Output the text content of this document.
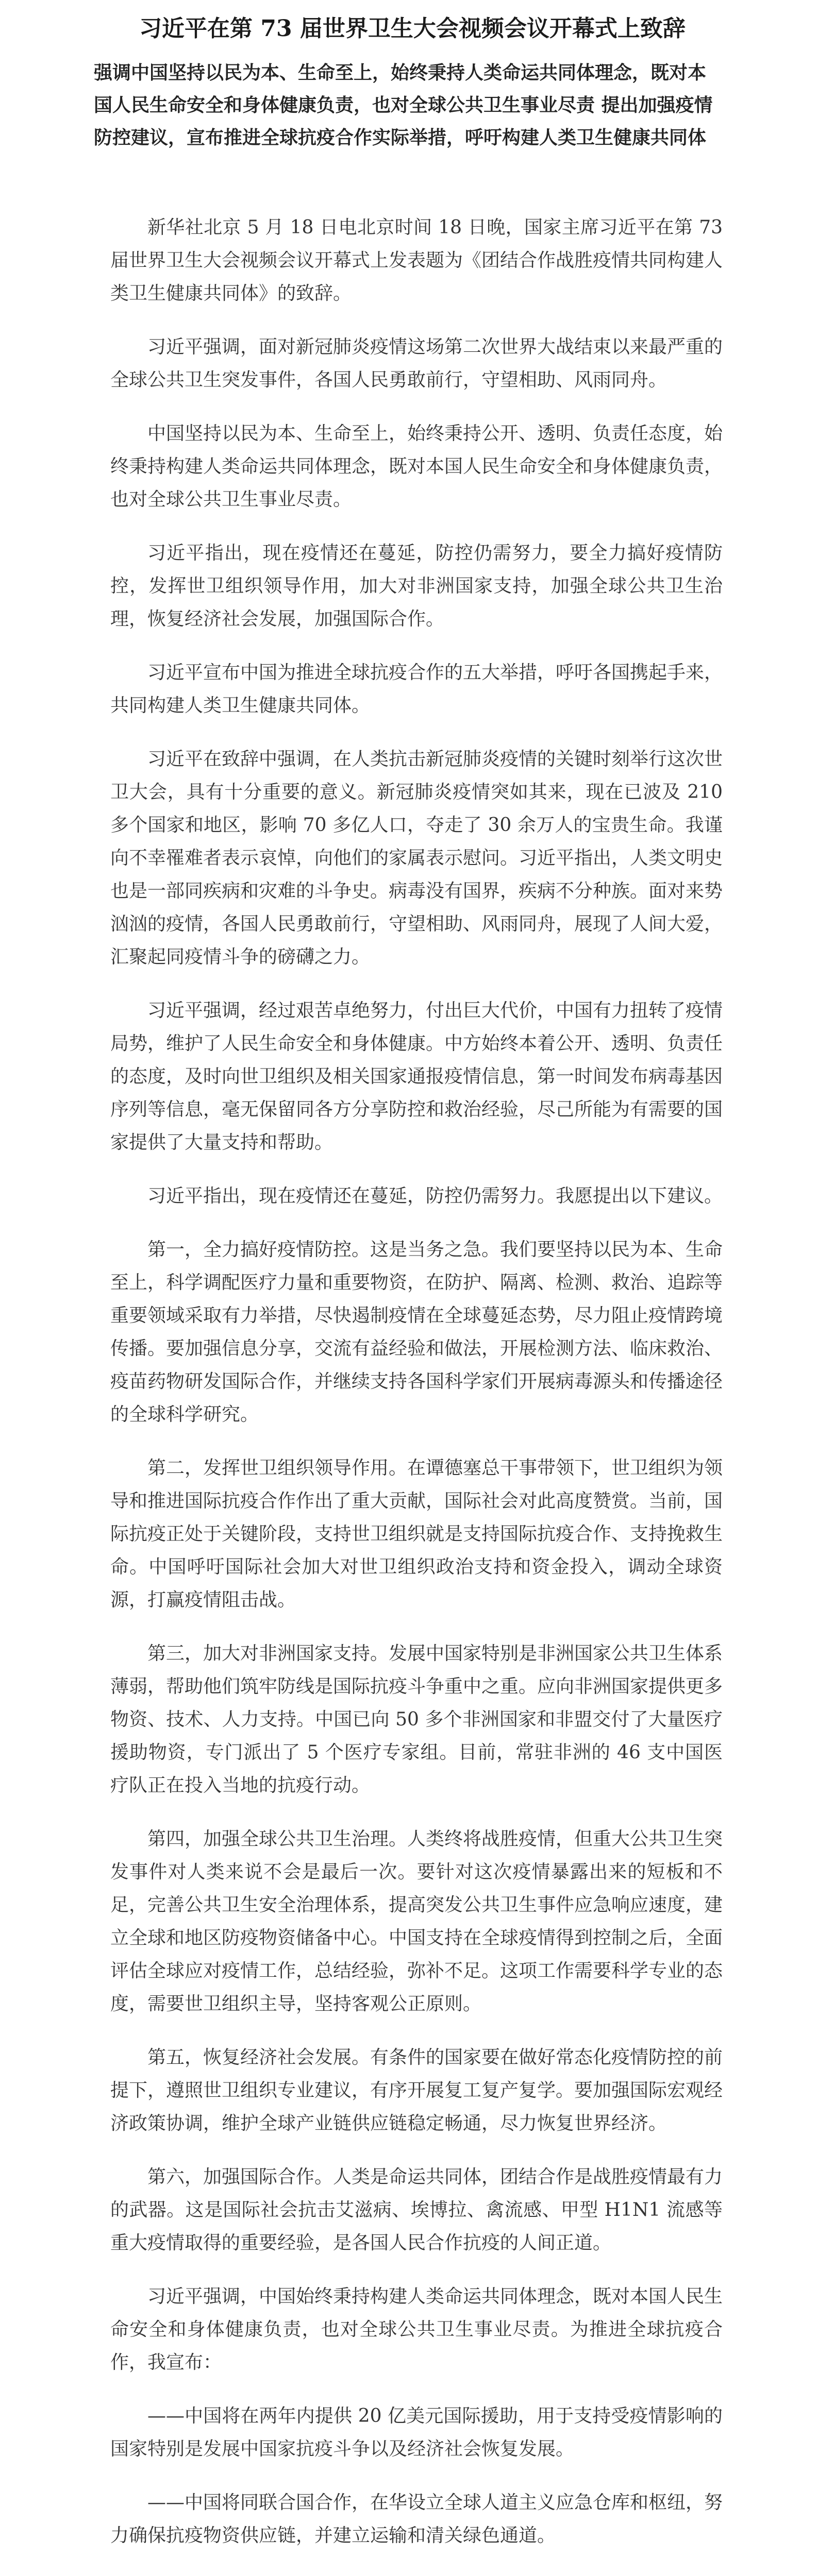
习近平在第 73 届世界卫生大会视频会议开幕式上致辞

强调中国坚持以民为本、生命至上，始终秉持人类命运共同体理念，既对本国人民生命安全和身体健康负责，也对全球公共卫生事业尽责 提出加强疫情防控建议，宣布推进全球抗疫合作实际举措，呼吁构建人类卫生健康共同体

新华社北京 5 月 18 日电北京时间 18 日晚，国家主席习近平在第 73 届世界卫生大会视频会议开幕式上发表题为《团结合作战胜疫情共同构建人类卫生健康共同体》的致辞。

习近平强调，面对新冠肺炎疫情这场第二次世界大战结束以来最严重的全球公共卫生突发事件，各国人民勇敢前行，守望相助、风雨同舟。

中国坚持以民为本、生命至上，始终秉持公开、透明、负责任态度，始终秉持构建人类命运共同体理念，既对本国人民生命安全和身体健康负责，也对全球公共卫生事业尽责。

习近平指出，现在疫情还在蔓延，防控仍需努力，要全力搞好疫情防控，发挥世卫组织领导作用，加大对非洲国家支持，加强全球公共卫生治理，恢复经济社会发展，加强国际合作。

习近平宣布中国为推进全球抗疫合作的五大举措，呼吁各国携起手来，共同构建人类卫生健康共同体。

习近平在致辞中强调，在人类抗击新冠肺炎疫情的关键时刻举行这次世卫大会，具有十分重要的意义。新冠肺炎疫情突如其来，现在已波及 210 多个国家和地区，影响 70 多亿人口，夺走了 30 余万人的宝贵生命。我谨向不幸罹难者表示哀悼，向他们的家属表示慰问。习近平指出，人类文明史也是一部同疾病和灾难的斗争史。病毒没有国界，疾病不分种族。面对来势汹汹的疫情，各国人民勇敢前行，守望相助、风雨同舟，展现了人间大爱，汇聚起同疫情斗争的磅礴之力。

习近平强调，经过艰苦卓绝努力，付出巨大代价，中国有力扭转了疫情局势，维护了人民生命安全和身体健康。中方始终本着公开、透明、负责任的态度，及时向世卫组织及相关国家通报疫情信息，第一时间发布病毒基因序列等信息，毫无保留同各方分享防控和救治经验，尽己所能为有需要的国家提供了大量支持和帮助。

习近平指出，现在疫情还在蔓延，防控仍需努力。我愿提出以下建议。

第一，全力搞好疫情防控。这是当务之急。我们要坚持以民为本、生命至上，科学调配医疗力量和重要物资，在防护、隔离、检测、救治、追踪等重要领域采取有力举措，尽快遏制疫情在全球蔓延态势，尽力阻止疫情跨境传播。要加强信息分享，交流有益经验和做法，开展检测方法、临床救治、疫苗药物研发国际合作，并继续支持各国科学家们开展病毒源头和传播途径的全球科学研究。

第二，发挥世卫组织领导作用。在谭德塞总干事带领下，世卫组织为领导和推进国际抗疫合作作出了重大贡献，国际社会对此高度赞赏。当前，国际抗疫正处于关键阶段，支持世卫组织就是支持国际抗疫合作、支持挽救生命。中国呼吁国际社会加大对世卫组织政治支持和资金投入，调动全球资源，打赢疫情阻击战。

第三，加大对非洲国家支持。发展中国家特别是非洲国家公共卫生体系薄弱，帮助他们筑牢防线是国际抗疫斗争重中之重。应向非洲国家提供更多物资、技术、人力支持。中国已向 50 多个非洲国家和非盟交付了大量医疗援助物资，专门派出了 5 个医疗专家组。目前，常驻非洲的 46 支中国医疗队正在投入当地的抗疫行动。

第四，加强全球公共卫生治理。人类终将战胜疫情，但重大公共卫生突发事件对人类来说不会是最后一次。要针对这次疫情暴露出来的短板和不足，完善公共卫生安全治理体系，提高突发公共卫生事件应急响应速度，建立全球和地区防疫物资储备中心。中国支持在全球疫情得到控制之后，全面评估全球应对疫情工作，总结经验，弥补不足。这项工作需要科学专业的态度，需要世卫组织主导，坚持客观公正原则。

第五，恢复经济社会发展。有条件的国家要在做好常态化疫情防控的前提下，遵照世卫组织专业建议，有序开展复工复产复学。要加强国际宏观经济政策协调，维护全球产业链供应链稳定畅通，尽力恢复世界经济。

第六，加强国际合作。人类是命运共同体，团结合作是战胜疫情最有力的武器。这是国际社会抗击艾滋病、埃博拉、禽流感、甲型 H1N1 流感等重大疫情取得的重要经验，是各国人民合作抗疫的人间正道。

习近平强调，中国始终秉持构建人类命运共同体理念，既对本国人民生命安全和身体健康负责，也对全球公共卫生事业尽责。为推进全球抗疫合作，我宣布：

——中国将在两年内提供 20 亿美元国际援助，用于支持受疫情影响的国家特别是发展中国家抗疫斗争以及经济社会恢复发展。

——中国将同联合国合作，在华设立全球人道主义应急仓库和枢纽，努力确保抗疫物资供应链，并建立运输和清关绿色通道。
